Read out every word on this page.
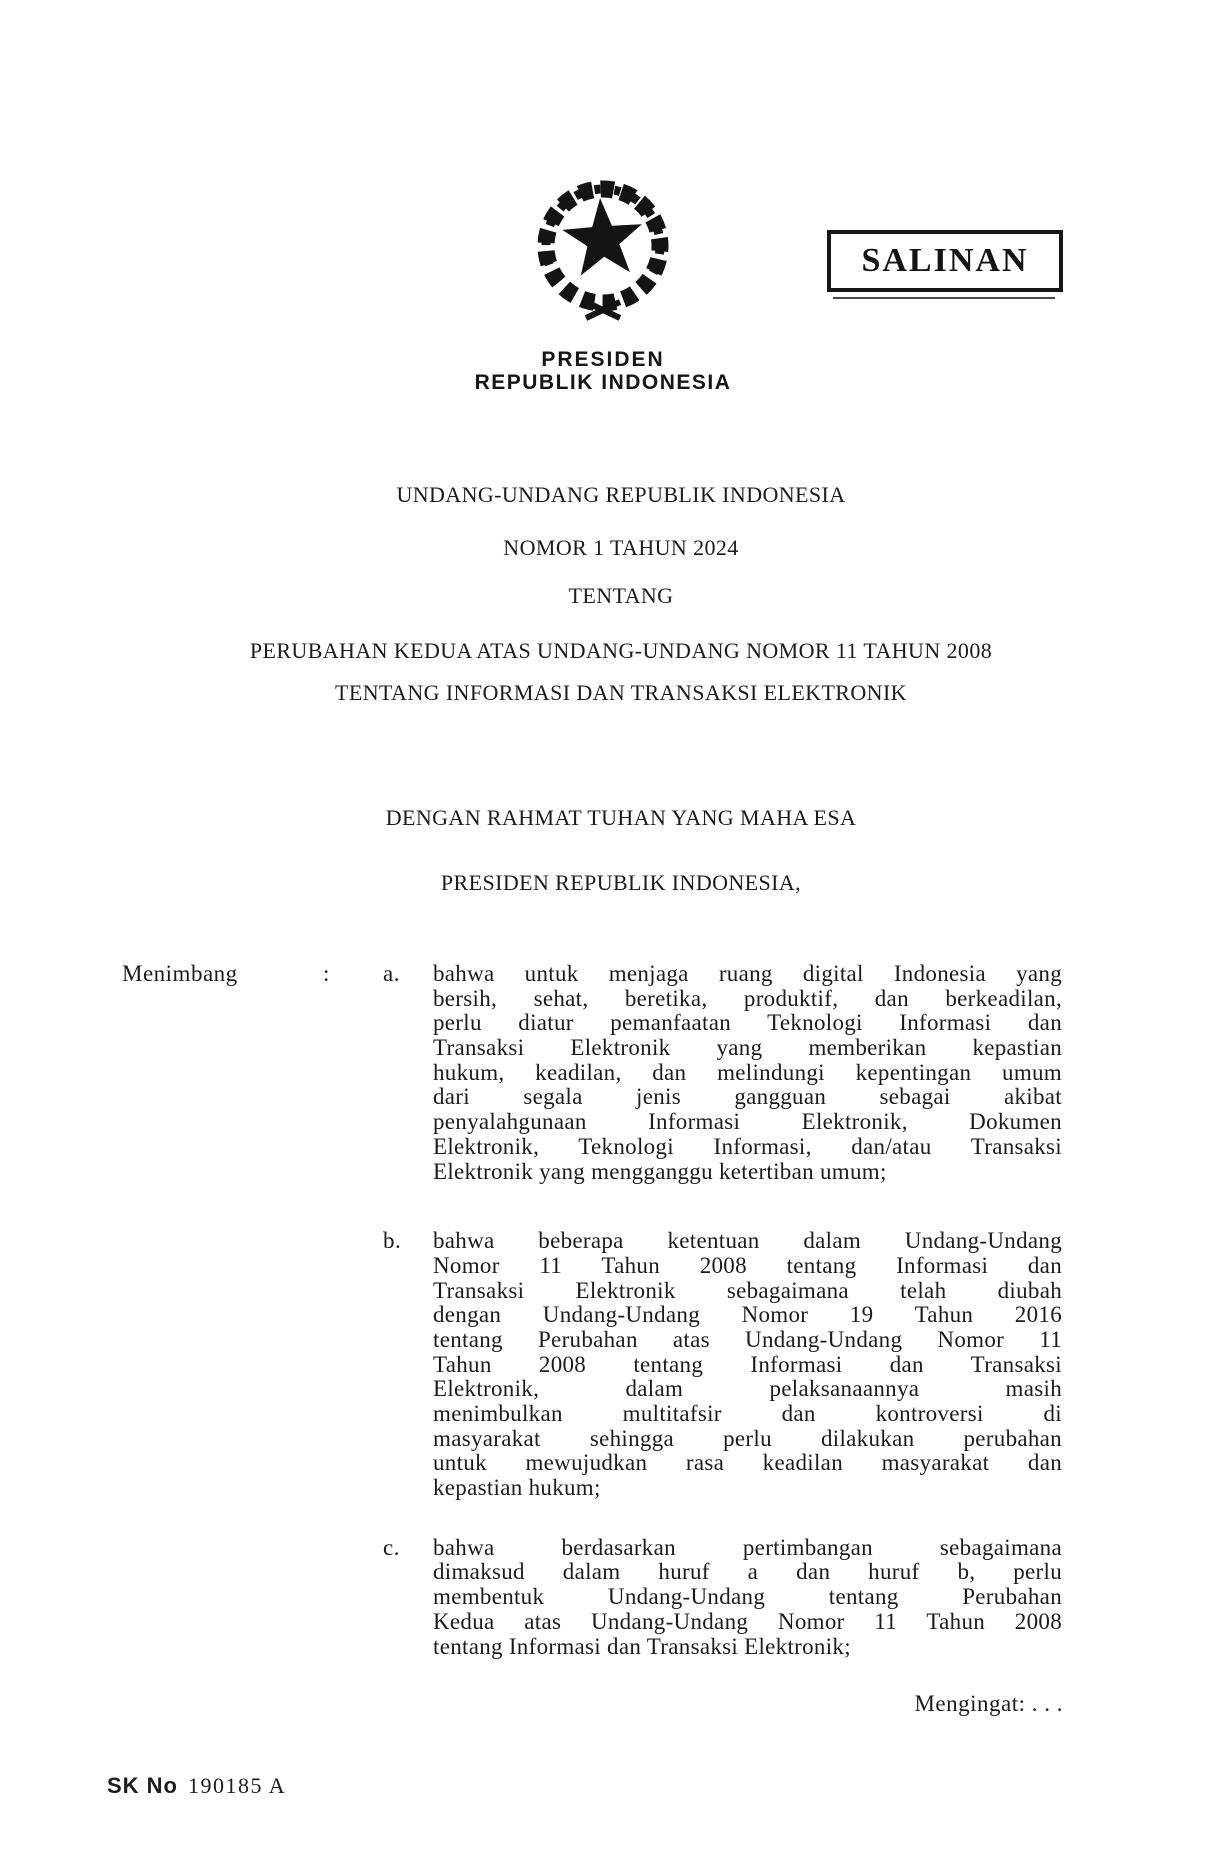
PRESIDEN
REPUBLIK INDONESIA
SALINAN
UNDANG-UNDANG REPUBLIK INDONESIA
NOMOR 1 TAHUN 2024
TENTANG
PERUBAHAN KEDUA ATAS UNDANG-UNDANG NOMOR 11 TAHUN 2008
TENTANG INFORMASI DAN TRANSAKSI ELEKTRONIK
DENGAN RAHMAT TUHAN YANG MAHA ESA
PRESIDEN REPUBLIK INDONESIA,
Menimbang	: a.	bahwa untuk menjaga ruang digital Indonesia yang
bersih, sehat, beretika, produktif, dan berkeadilan,
perlu diatur pemanfaatan Teknologi Informasi dan
Transaksi Elektronik yang memberikan kepastian
hukum, keadilan, dan melindungi kepentingan umum
dari segala jenis gangguan sebagai akibat
penyalahgunaan Informasi Elektronik, Dokumen
Elektronik, Teknologi Informasi, dan/atau Transaksi
Elektronik yang mengganggu ketertiban umum;
b.	bahwa beberapa ketentuan dalam Undang-Undang
Nomor 11 Tahun 2008 tentang Informasi dan
Transaksi Elektronik sebagaimana telah diubah
dengan Undang-Undang Nomor 19 Tahun 2016
tentang Perubahan atas Undang-Undang Nomor 11
Tahun 2008 tentang Informasi dan Transaksi
Elektronik, dalam pelaksanaannya masih
menimbulkan multitafsir dan kontroversi di
masyarakat sehingga perlu dilakukan perubahan
untuk mewujudkan rasa keadilan masyarakat dan
kepastian hukum;
c.	bahwa berdasarkan pertimbangan sebagaimana
dimaksud dalam huruf a dan huruf b, perlu
membentuk Undang-Undang tentang Perubahan
Kedua atas Undang-Undang Nomor 11 Tahun 2008
tentang Informasi dan Transaksi Elektronik;
Mengingat: . . .
SK No 190185 A
